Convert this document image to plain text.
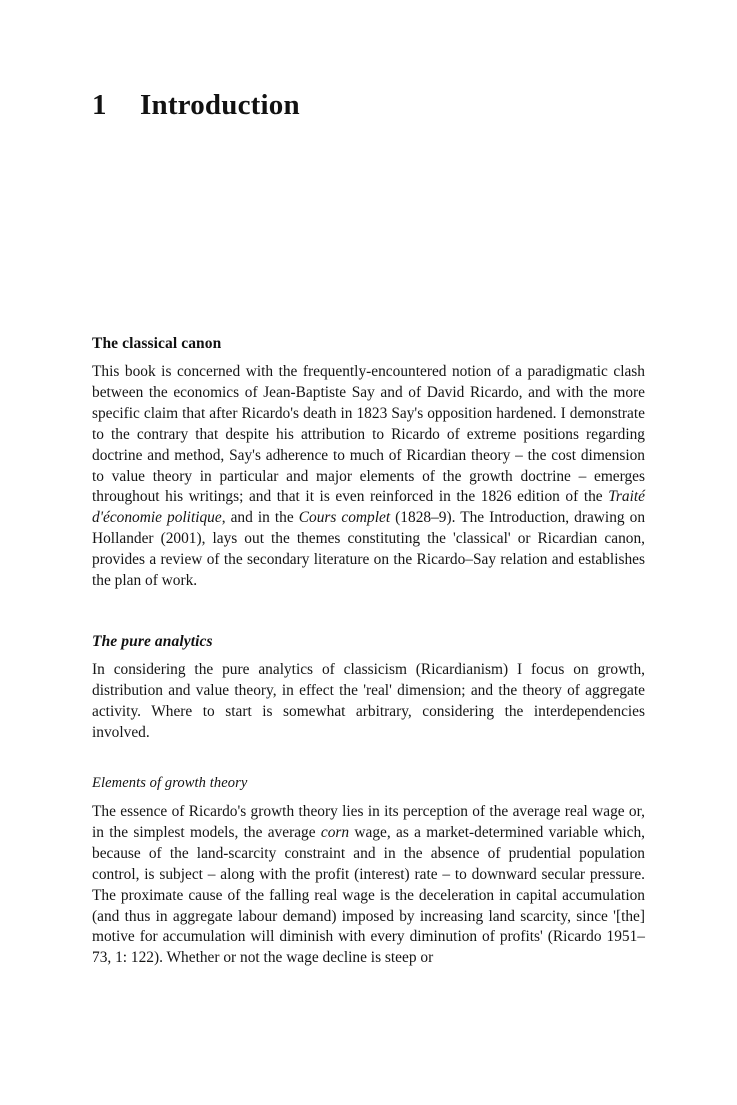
1 Introduction
The classical canon

This book is concerned with the frequently-encountered notion of a paradigmatic clash between the economics of Jean-Baptiste Say and of David Ricardo, and with the more specific claim that after Ricardo's death in 1823 Say's opposition hardened. I demonstrate to the contrary that despite his attribution to Ricardo of extreme positions regarding doctrine and method, Say's adherence to much of Ricardian theory – the cost dimension to value theory in particular and major elements of the growth doctrine – emerges throughout his writings; and that it is even reinforced in the 1826 edition of the Traité d'économie politique, and in the Cours complet (1828–9). The Introduction, drawing on Hollander (2001), lays out the themes constituting the 'classical' or Ricardian canon, provides a review of the secondary literature on the Ricardo–Say relation and establishes the plan of work.

The pure analytics

In considering the pure analytics of classicism (Ricardianism) I focus on growth, distribution and value theory, in effect the 'real' dimension; and the theory of aggregate activity. Where to start is somewhat arbitrary, considering the interdependencies involved.

Elements of growth theory

The essence of Ricardo's growth theory lies in its perception of the average real wage or, in the simplest models, the average corn wage, as a market-determined variable which, because of the land-scarcity constraint and in the absence of prudential population control, is subject – along with the profit (interest) rate – to downward secular pressure. The proximate cause of the falling real wage is the deceleration in capital accumulation (and thus in aggregate labour demand) imposed by increasing land scarcity, since '[the] motive for accumulation will diminish with every diminution of profits' (Ricardo 1951–73, 1: 122). Whether or not the wage decline is steep or
